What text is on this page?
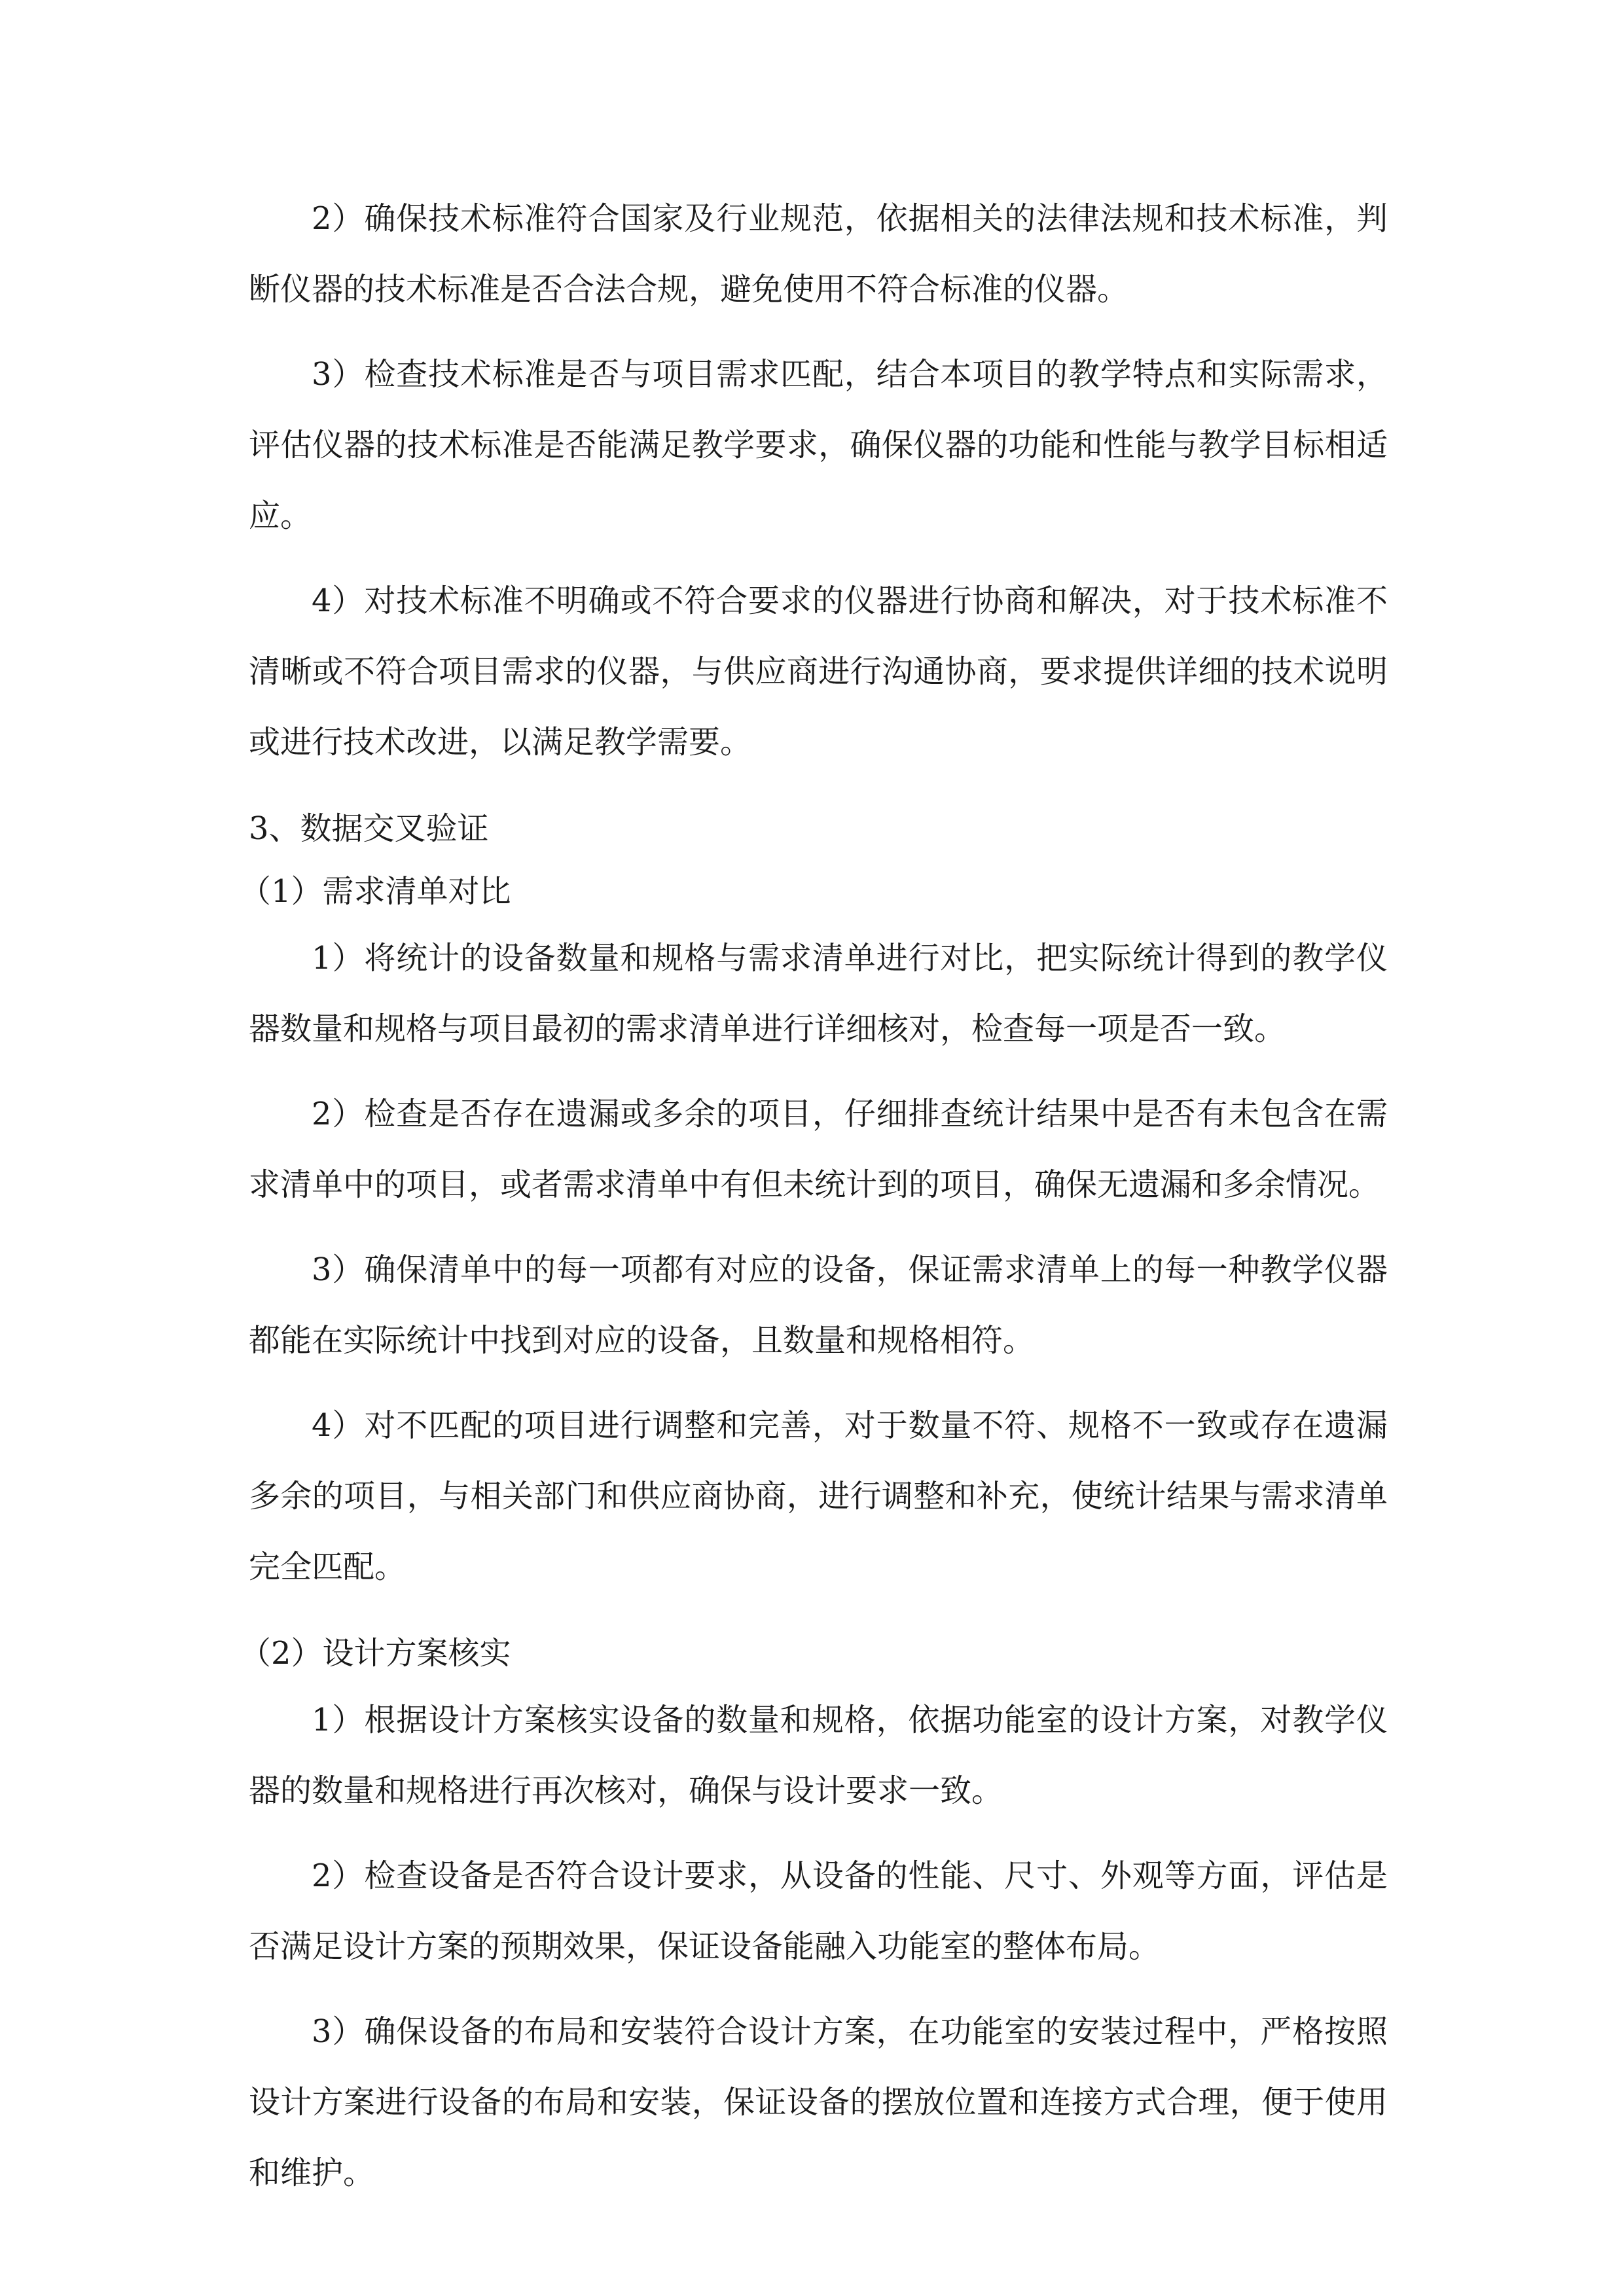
2）确保技术标准符合国家及行业规范，依据相关的法律法规和技术标准，判断仪器的技术标准是否合法合规，避免使用不符合标准的仪器。

3）检查技术标准是否与项目需求匹配，结合本项目的教学特点和实际需求，评估仪器的技术标准是否能满足教学要求，确保仪器的功能和性能与教学目标相适应。

4）对技术标准不明确或不符合要求的仪器进行协商和解决，对于技术标准不清晰或不符合项目需求的仪器，与供应商进行沟通协商，要求提供详细的技术说明或进行技术改进，以满足教学需要。

3、数据交叉验证

（1）需求清单对比

1）将统计的设备数量和规格与需求清单进行对比，把实际统计得到的教学仪器数量和规格与项目最初的需求清单进行详细核对，检查每一项是否一致。

2）检查是否存在遗漏或多余的项目，仔细排查统计结果中是否有未包含在需求清单中的项目，或者需求清单中有但未统计到的项目，确保无遗漏和多余情况。

3）确保清单中的每一项都有对应的设备，保证需求清单上的每一种教学仪器都能在实际统计中找到对应的设备，且数量和规格相符。

4）对不匹配的项目进行调整和完善，对于数量不符、规格不一致或存在遗漏多余的项目，与相关部门和供应商协商，进行调整和补充，使统计结果与需求清单完全匹配。

（2）设计方案核实

1）根据设计方案核实设备的数量和规格，依据功能室的设计方案，对教学仪器的数量和规格进行再次核对，确保与设计要求一致。

2）检查设备是否符合设计要求，从设备的性能、尺寸、外观等方面，评估是否满足设计方案的预期效果，保证设备能融入功能室的整体布局。

3）确保设备的布局和安装符合设计方案，在功能室的安装过程中，严格按照设计方案进行设备的布局和安装，保证设备的摆放位置和连接方式合理，便于使用和维护。
